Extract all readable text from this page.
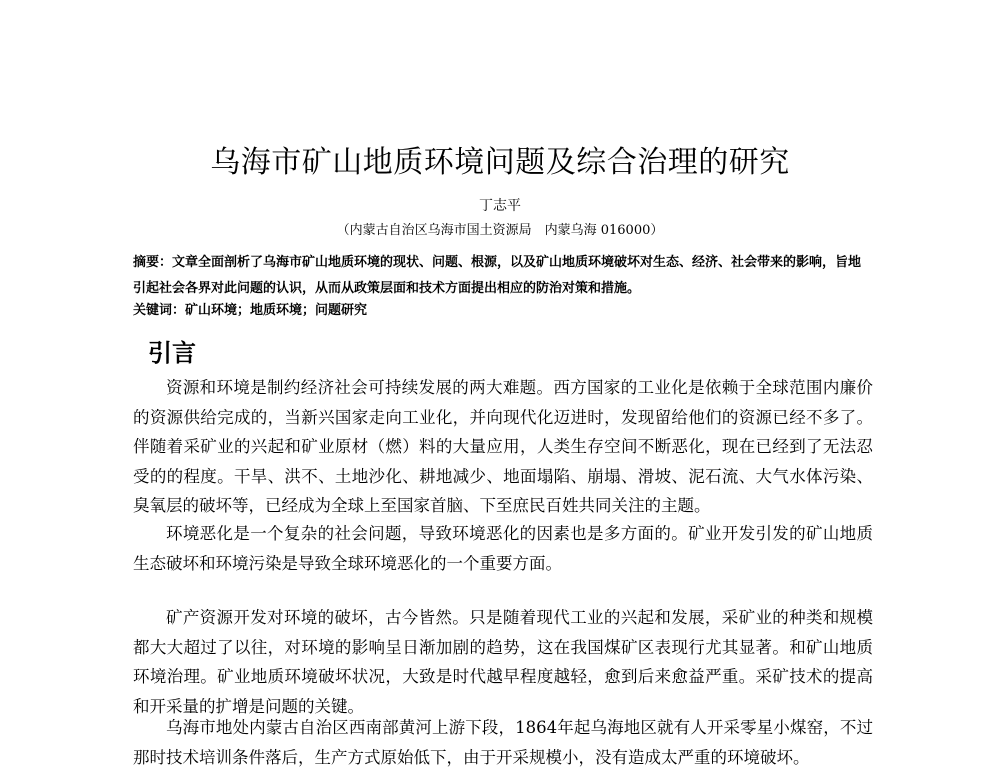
乌海市矿山地质环境问题及综合治理的研究
丁志平
（内蒙古自治区乌海市国土资源局　内蒙乌海 016000）
摘要：文章全面剖析了乌海市矿山地质环境的现状、问题、根源，以及矿山地质环境破坏对生态、经济、社会带来的影响，旨地引起社会各界对此问题的认识，从而从政策层面和技术方面提出相应的防治对策和措施。
关键词：矿山环境；地质环境；问题研究
引言

资源和环境是制约经济社会可持续发展的两大难题。西方国家的工业化是依赖于全球范围内廉价的资源供给完成的，当新兴国家走向工业化，并向现代化迈进时，发现留给他们的资源已经不多了。伴随着采矿业的兴起和矿业原材（燃）料的大量应用，人类生存空间不断恶化，现在已经到了无法忍受的的程度。干旱、洪不、土地沙化、耕地减少、地面塌陷、崩塌、滑坡、泥石流、大气水体污染、臭氧层的破坏等，已经成为全球上至国家首脑、下至庶民百姓共同关注的主题。

环境恶化是一个复杂的社会问题，导致环境恶化的因素也是多方面的。矿业开发引发的矿山地质生态破坏和环境污染是导致全球环境恶化的一个重要方面。

矿产资源开发对环境的破坏，古今皆然。只是随着现代工业的兴起和发展，采矿业的种类和规模都大大超过了以往，对环境的影响呈日渐加剧的趋势，这在我国煤矿区表现行尤其显著。和矿山地质环境治理。矿业地质环境破坏状况，大致是时代越早程度越轻，愈到后来愈益严重。采矿技术的提高和开采量的扩增是问题的关键。

乌海市地处内蒙古自治区西南部黄河上游下段，1864年起乌海地区就有人开采零星小煤窑，不过那时技术培训条件落后，生产方式原始低下，由于开采规模小，没有造成太严重的环境破坏。
